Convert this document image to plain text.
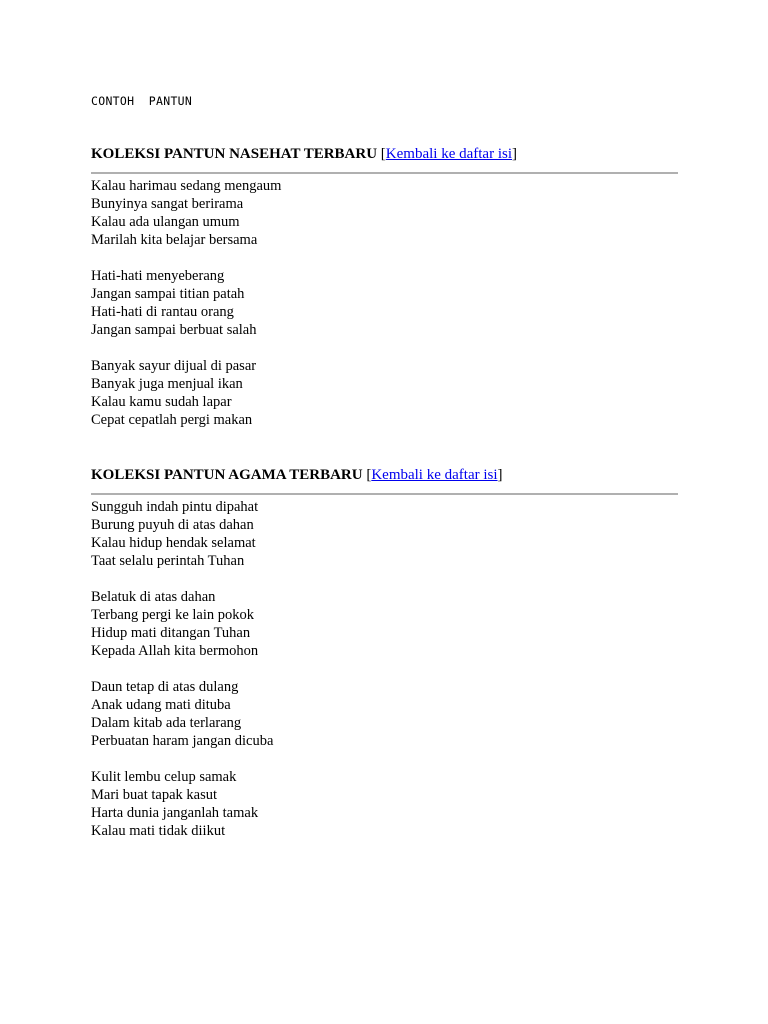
CONTOH  PANTUN

KOLEKSI PANTUN NASEHAT TERBARU [Kembali ke daftar isi]

Kalau harimau sedang mengaum
Bunyinya sangat berirama
Kalau ada ulangan umum
Marilah kita belajar bersama
Hati-hati menyeberang
Jangan sampai titian patah
Hati-hati di rantau orang
Jangan sampai berbuat salah
Banyak sayur dijual di pasar
Banyak juga menjual ikan
Kalau kamu sudah lapar
Cepat cepatlah pergi makan

KOLEKSI PANTUN AGAMA TERBARU [Kembali ke daftar isi]

Sungguh indah pintu dipahat
Burung puyuh di atas dahan
Kalau hidup hendak selamat
Taat selalu perintah Tuhan
Belatuk di atas dahan
Terbang pergi ke lain pokok
Hidup mati ditangan Tuhan
Kepada Allah kita bermohon
Daun tetap di atas dulang
Anak udang mati dituba
Dalam kitab ada terlarang
Perbuatan haram jangan dicuba
Kulit lembu celup samak
Mari buat tapak kasut
Harta dunia janganlah tamak
Kalau mati tidak diikut
